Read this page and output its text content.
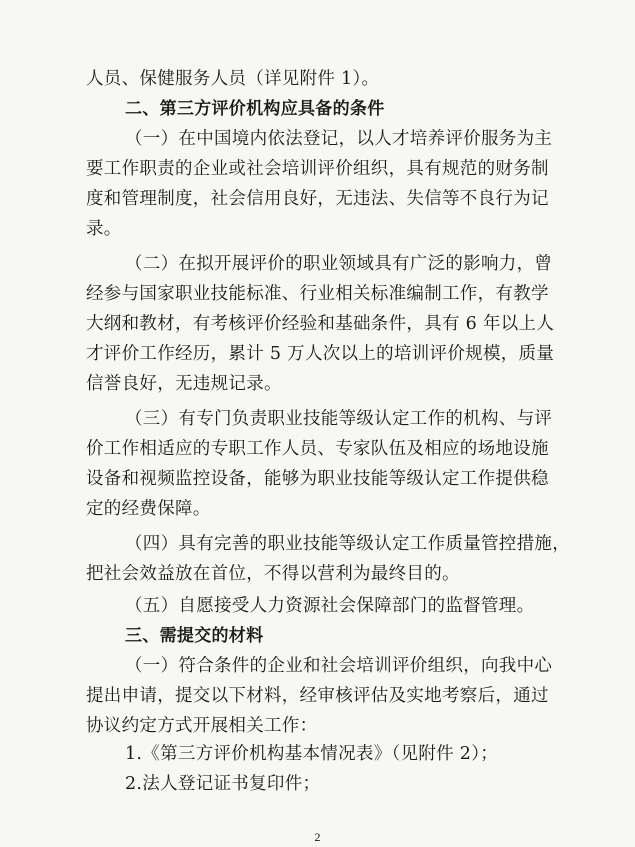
人员、保健服务人员（详见附件 1）。
二、第三方评价机构应具备的条件
（一）在中国境内依法登记，以人才培养评价服务为主
要工作职责的企业或社会培训评价组织，具有规范的财务制
度和管理制度，社会信用良好，无违法、失信等不良行为记
录。
（二）在拟开展评价的职业领域具有广泛的影响力，曾
经参与国家职业技能标准、行业相关标准编制工作，有教学
大纲和教材，有考核评价经验和基础条件，具有 6 年以上人
才评价工作经历，累计 5 万人次以上的培训评价规模，质量
信誉良好，无违规记录。
（三）有专门负责职业技能等级认定工作的机构、与评
价工作相适应的专职工作人员、专家队伍及相应的场地设施
设备和视频监控设备，能够为职业技能等级认定工作提供稳
定的经费保障。
（四）具有完善的职业技能等级认定工作质量管控措施，
把社会效益放在首位，不得以营利为最终目的。
（五）自愿接受人力资源社会保障部门的监督管理。
三、需提交的材料
（一）符合条件的企业和社会培训评价组织，向我中心
提出申请，提交以下材料，经审核评估及实地考察后，通过
协议约定方式开展相关工作：
1.《第三方评价机构基本情况表》（见附件 2）；
2.法人登记证书复印件；
2
